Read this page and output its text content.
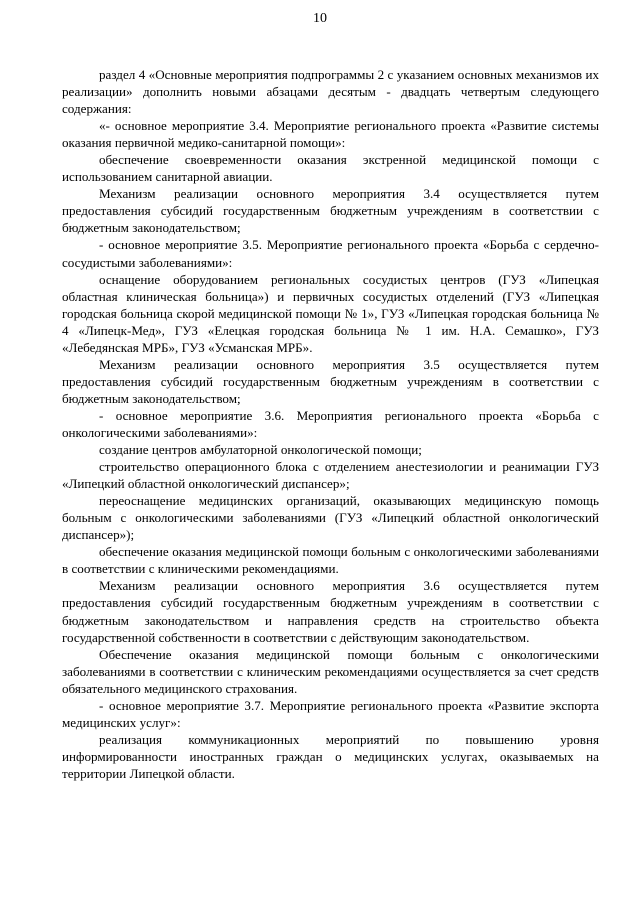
10

раздел 4 «Основные мероприятия подпрограммы 2 с указанием основных механизмов их реализации» дополнить новыми абзацами десятым - двадцать четвертым следующего содержания:

«- основное мероприятие 3.4. Мероприятие регионального проекта «Развитие системы оказания первичной медико-санитарной помощи»:

обеспечение своевременности оказания экстренной медицинской помощи с использованием санитарной авиации.

Механизм реализации основного мероприятия 3.4 осуществляется путем предоставления субсидий государственным бюджетным учреждениям в соответствии с бюджетным законодательством;

- основное мероприятие 3.5. Мероприятие регионального проекта «Борьба с сердечно-сосудистыми заболеваниями»:

оснащение оборудованием региональных сосудистых центров (ГУЗ «Липецкая областная клиническая больница») и первичных сосудистых отделений (ГУЗ «Липецкая городская больница скорой медицинской помощи № 1», ГУЗ «Липецкая городская больница № 4 «Липецк-Мед», ГУЗ «Елецкая городская больница № 1 им. Н.А. Семашко», ГУЗ «Лебедянская МРБ», ГУЗ «Усманская МРБ».

Механизм реализации основного мероприятия 3.5 осуществляется путем предоставления субсидий государственным бюджетным учреждениям в соответствии с бюджетным законодательством;

- основное мероприятие 3.6. Мероприятия регионального проекта «Борьба с онкологическими заболеваниями»:

создание центров амбулаторной онкологической помощи;

строительство операционного блока с отделением анестезиологии и реанимации ГУЗ «Липецкий областной онкологический диспансер»;

переоснащение медицинских организаций, оказывающих медицинскую помощь больным с онкологическими заболеваниями (ГУЗ «Липецкий областной онкологический диспансер»);

обеспечение оказания медицинской помощи больным с онкологическими заболеваниями в соответствии с клиническими рекомендациями.

Механизм реализации основного мероприятия 3.6 осуществляется путем предоставления субсидий государственным бюджетным учреждениям в соответствии с бюджетным законодательством и направления средств на строительство объекта государственной собственности в соответствии с действующим законодательством.

Обеспечение оказания медицинской помощи больным с онкологическими заболеваниями в соответствии с клиническим рекомендациями осуществляется за счет средств обязательного медицинского страхования.

- основное мероприятие 3.7. Мероприятие регионального проекта «Развитие экспорта медицинских услуг»:

реализация коммуникационных мероприятий по повышению уровня информированности иностранных граждан о медицинских услугах, оказываемых на территории Липецкой области.
